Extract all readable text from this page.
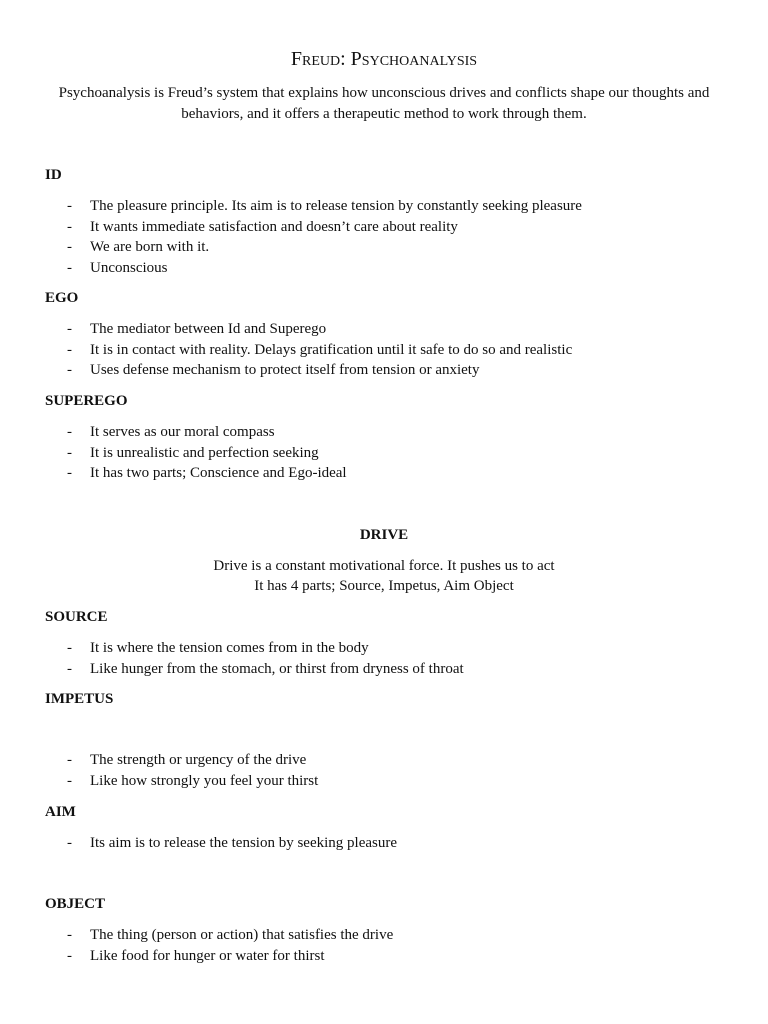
Freud: Psychoanalysis

Psychoanalysis is Freud’s system that explains how unconscious drives and conflicts shape our thoughts and behaviors, and it offers a therapeutic method to work through them.

ID

- The pleasure principle. Its aim is to release tension by constantly seeking pleasure
- It wants immediate satisfaction and doesn’t care about reality
- We are born with it.
- Unconscious

EGO

- The mediator between Id and Superego
- It is in contact with reality. Delays gratification until it safe to do so and realistic
- Uses defense mechanism to protect itself from tension or anxiety

SUPEREGO

- It serves as our moral compass
- It is unrealistic and perfection seeking
- It has two parts; Conscience and Ego-ideal

DRIVE

Drive is a constant motivational force. It pushes us to act

It has 4 parts; Source, Impetus, Aim Object

SOURCE

- It is where the tension comes from in the body
- Like hunger from the stomach, or thirst from dryness of throat

IMPETUS

- The strength or urgency of the drive
- Like how strongly you feel your thirst

AIM

- Its aim is to release the tension by seeking pleasure

OBJECT

- The thing (person or action) that satisfies the drive
- Like food for hunger or water for thirst
